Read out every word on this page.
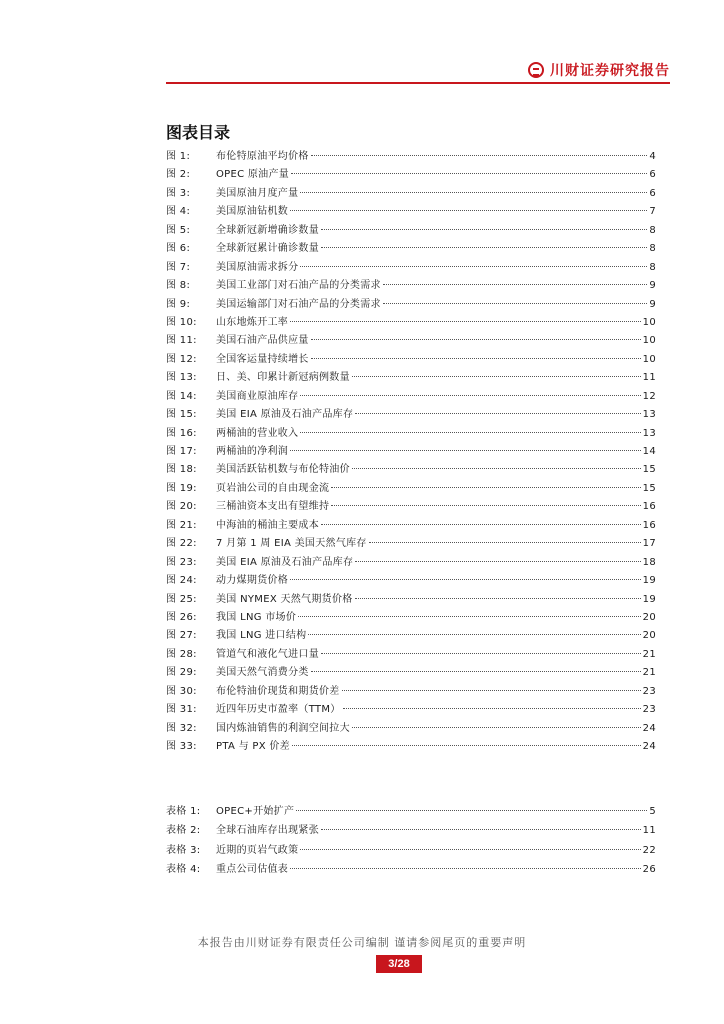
川财证券研究报告
图表目录
图 1:	布伦特原油平均价格	4
图 2:	OPEC 原油产量	6
图 3:	美国原油月度产量	6
图 4:	美国原油钻机数	7
图 5:	全球新冠新增确诊数量	8
图 6:	全球新冠累计确诊数量	8
图 7:	美国原油需求拆分	8
图 8:	美国工业部门对石油产品的分类需求	9
图 9:	美国运输部门对石油产品的分类需求	9
图 10:	山东地炼开工率	10
图 11:	美国石油产品供应量	10
图 12:	全国客运量持续增长	10
图 13:	日、美、印累计新冠病例数量	11
图 14:	美国商业原油库存	12
图 15:	美国 EIA 原油及石油产品库存	13
图 16:	两桶油的营业收入	13
图 17:	两桶油的净利润	14
图 18:	美国活跃钻机数与布伦特油价	15
图 19:	页岩油公司的自由现金流	15
图 20:	三桶油资本支出有望维持	16
图 21:	中海油的桶油主要成本	16
图 22:	7 月第 1 周 EIA 美国天然气库存	17
图 23:	美国 EIA 原油及石油产品库存	18
图 24:	动力煤期货价格	19
图 25:	美国 NYMEX 天然气期货价格	19
图 26:	我国 LNG 市场价	20
图 27:	我国 LNG 进口结构	20
图 28:	管道气和液化气进口量	21
图 29:	美国天然气消费分类	21
图 30:	布伦特油价现货和期货价差	23
图 31:	近四年历史市盈率（TTM）	23
图 32:	国内炼油销售的利润空间拉大	24
图 33:	PTA 与 PX 价差	24
表格 1:	OPEC+开始扩产	5
表格 2:	全球石油库存出现紧张	11
表格 3:	近期的页岩气政策	22
表格 4:	重点公司估值表	26
本报告由川财证券有限责任公司编制 谨请参阅尾页的重要声明
3/28
